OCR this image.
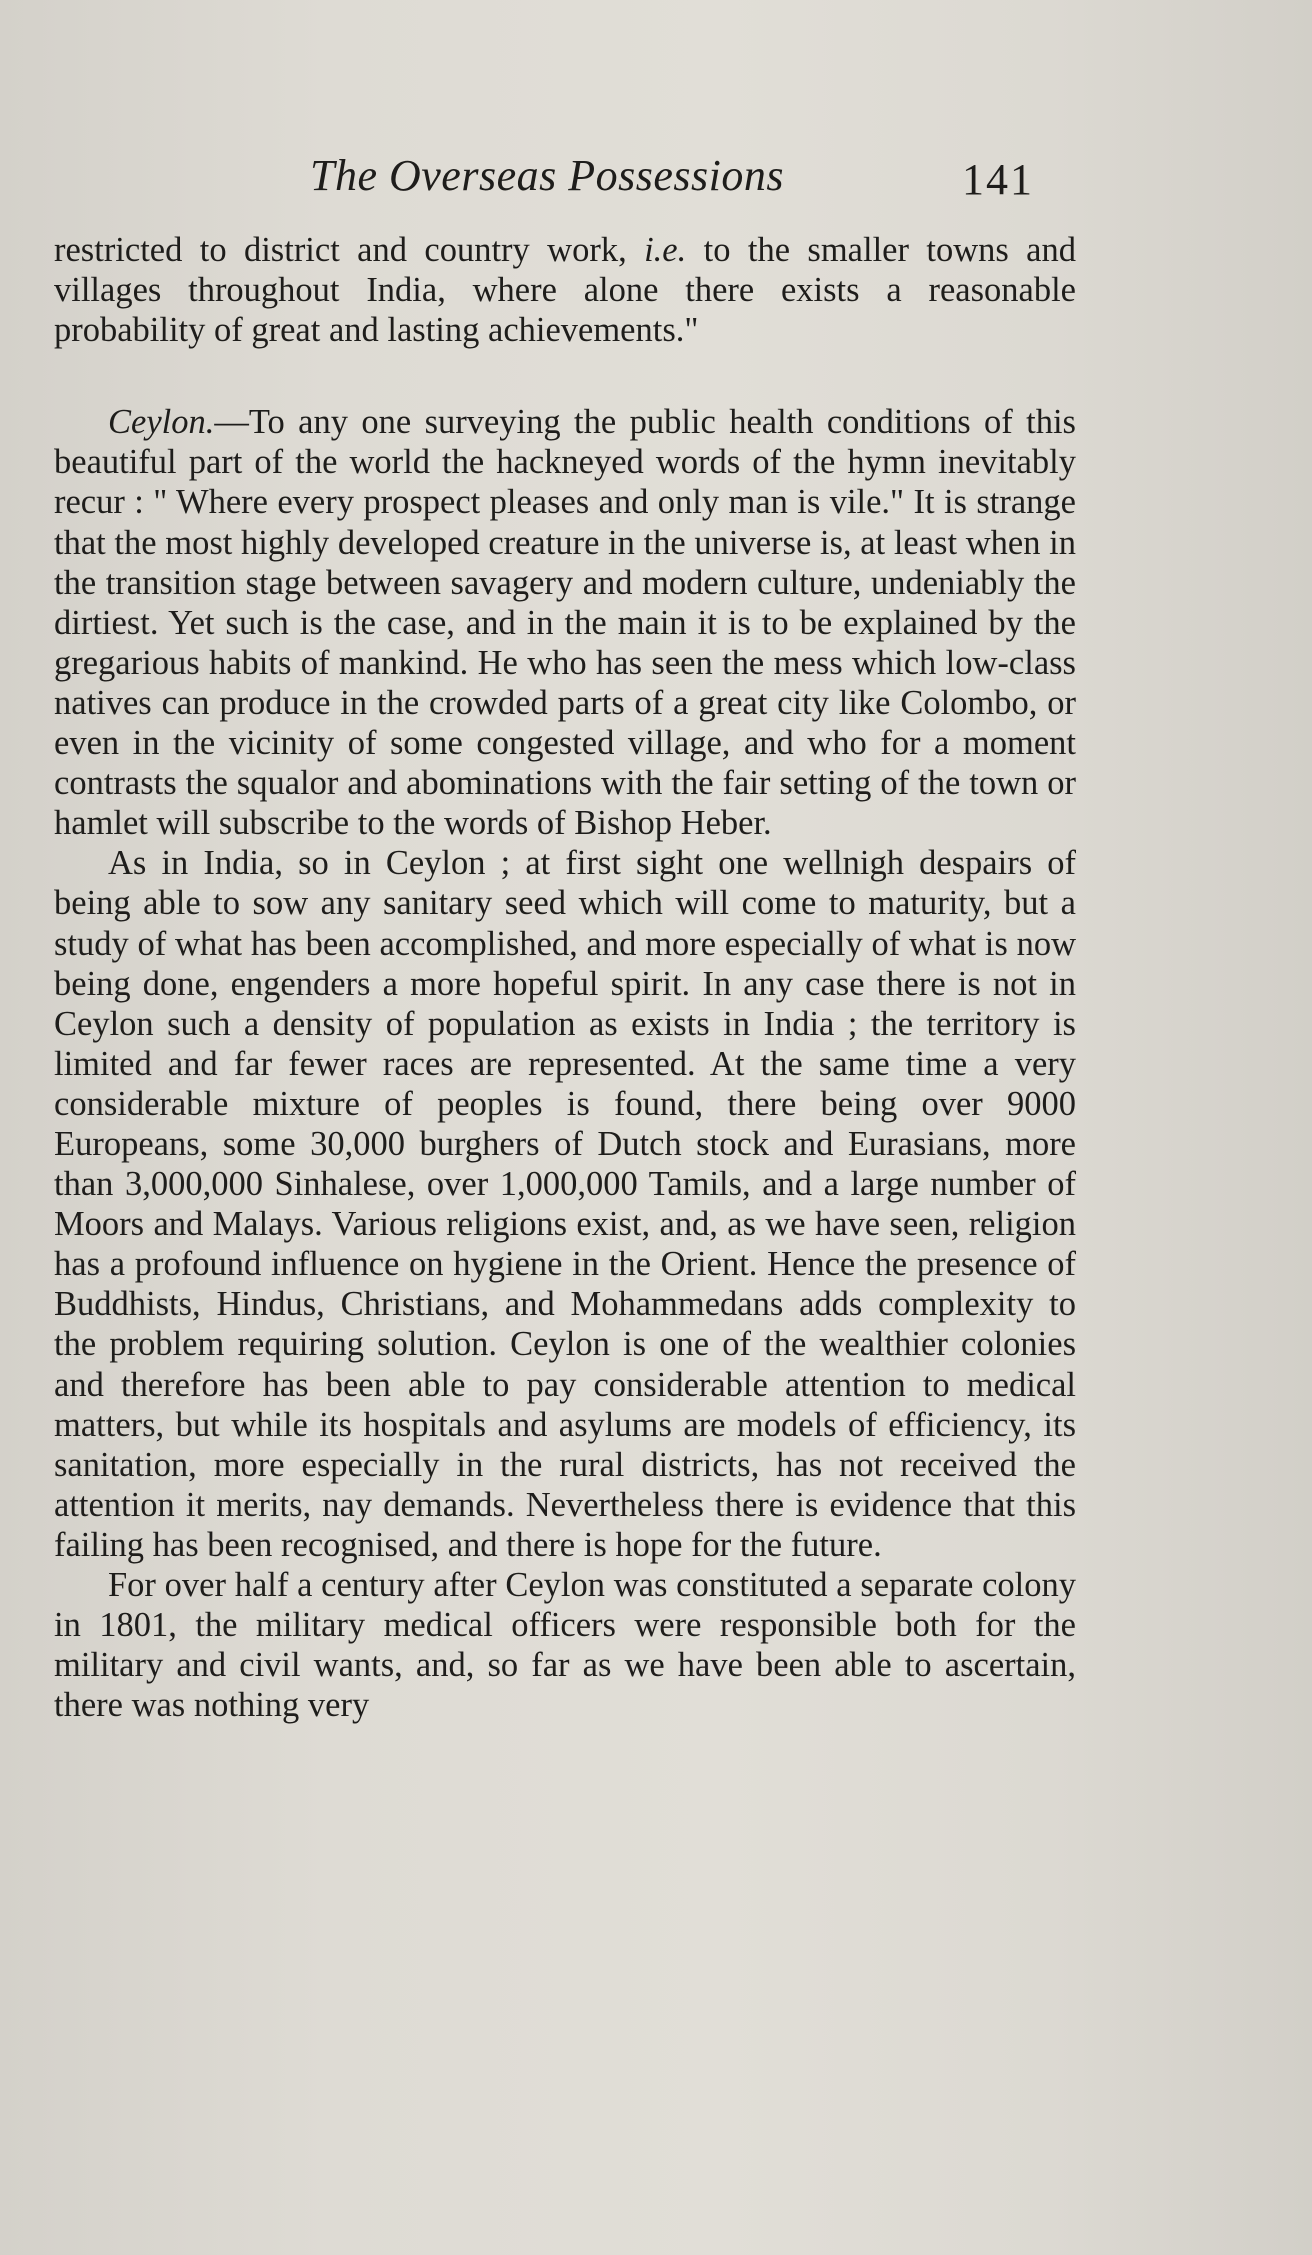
The Overseas Possessions	141

restricted to district and country work, i.e. to the smaller towns and villages throughout India, where alone there exists a reasonable probability of great and lasting achievements."

Ceylon.—To any one surveying the public health conditions of this beautiful part of the world the hackneyed words of the hymn inevitably recur : " Where every prospect pleases and only man is vile." It is strange that the most highly developed creature in the universe is, at least when in the transition stage between savagery and modern culture, undeniably the dirtiest. Yet such is the case, and in the main it is to be explained by the gregarious habits of mankind. He who has seen the mess which low-class natives can produce in the crowded parts of a great city like Colombo, or even in the vicinity of some congested village, and who for a moment contrasts the squalor and abominations with the fair setting of the town or hamlet will subscribe to the words of Bishop Heber.

As in India, so in Ceylon ; at first sight one wellnigh despairs of being able to sow any sanitary seed which will come to maturity, but a study of what has been accomplished, and more especially of what is now being done, engenders a more hopeful spirit. In any case there is not in Ceylon such a density of population as exists in India ; the territory is limited and far fewer races are represented. At the same time a very considerable mixture of peoples is found, there being over 9000 Europeans, some 30,000 burghers of Dutch stock and Eurasians, more than 3,000,000 Sinhalese, over 1,000,000 Tamils, and a large number of Moors and Malays. Various religions exist, and, as we have seen, religion has a profound influence on hygiene in the Orient. Hence the presence of Buddhists, Hindus, Christians, and Mohammedans adds complexity to the problem requiring solution. Ceylon is one of the wealthier colonies and therefore has been able to pay considerable attention to medical matters, but while its hospitals and asylums are models of efficiency, its sanitation, more especially in the rural districts, has not received the attention it merits, nay demands. Nevertheless there is evidence that this failing has been recognised, and there is hope for the future.

For over half a century after Ceylon was constituted a separate colony in 1801, the military medical officers were responsible both for the military and civil wants, and, so far as we have been able to ascertain, there was nothing very
